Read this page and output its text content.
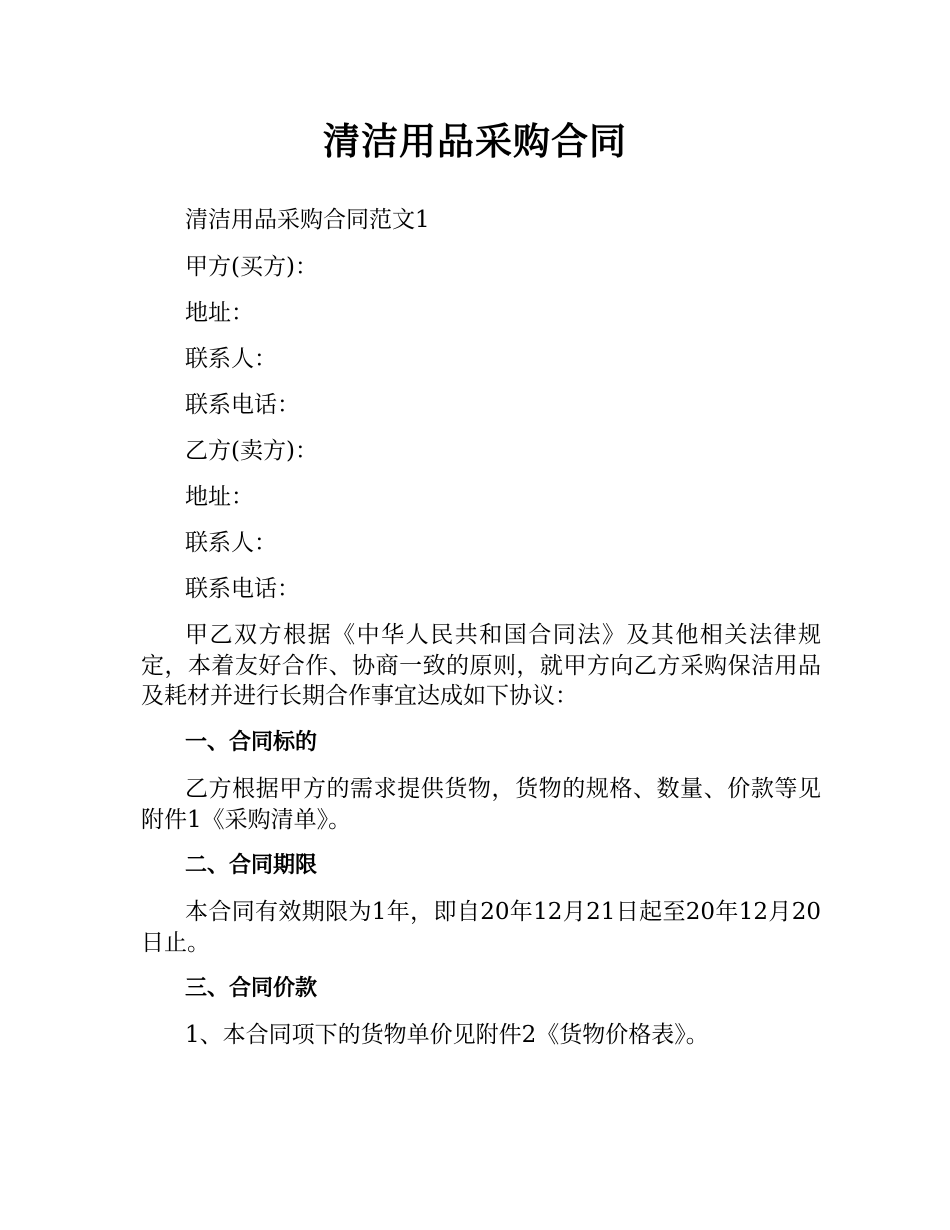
清洁用品采购合同

清洁用品采购合同范文1

甲方(买方)：

地址：

联系人：

联系电话：

乙方(卖方)：

地址：

联系人：

联系电话：

甲乙双方根据《中华人民共和国合同法》及其他相关法律规定，本着友好合作、协商一致的原则，就甲方向乙方采购保洁用品及耗材并进行长期合作事宜达成如下协议：

一、合同标的

乙方根据甲方的需求提供货物，货物的规格、数量、价款等见附件1《采购清单》。

二、合同期限

本合同有效期限为1年，即自20年12月21日起至20年12月20日止。

三、合同价款

1、本合同项下的货物单价见附件2《货物价格表》。
